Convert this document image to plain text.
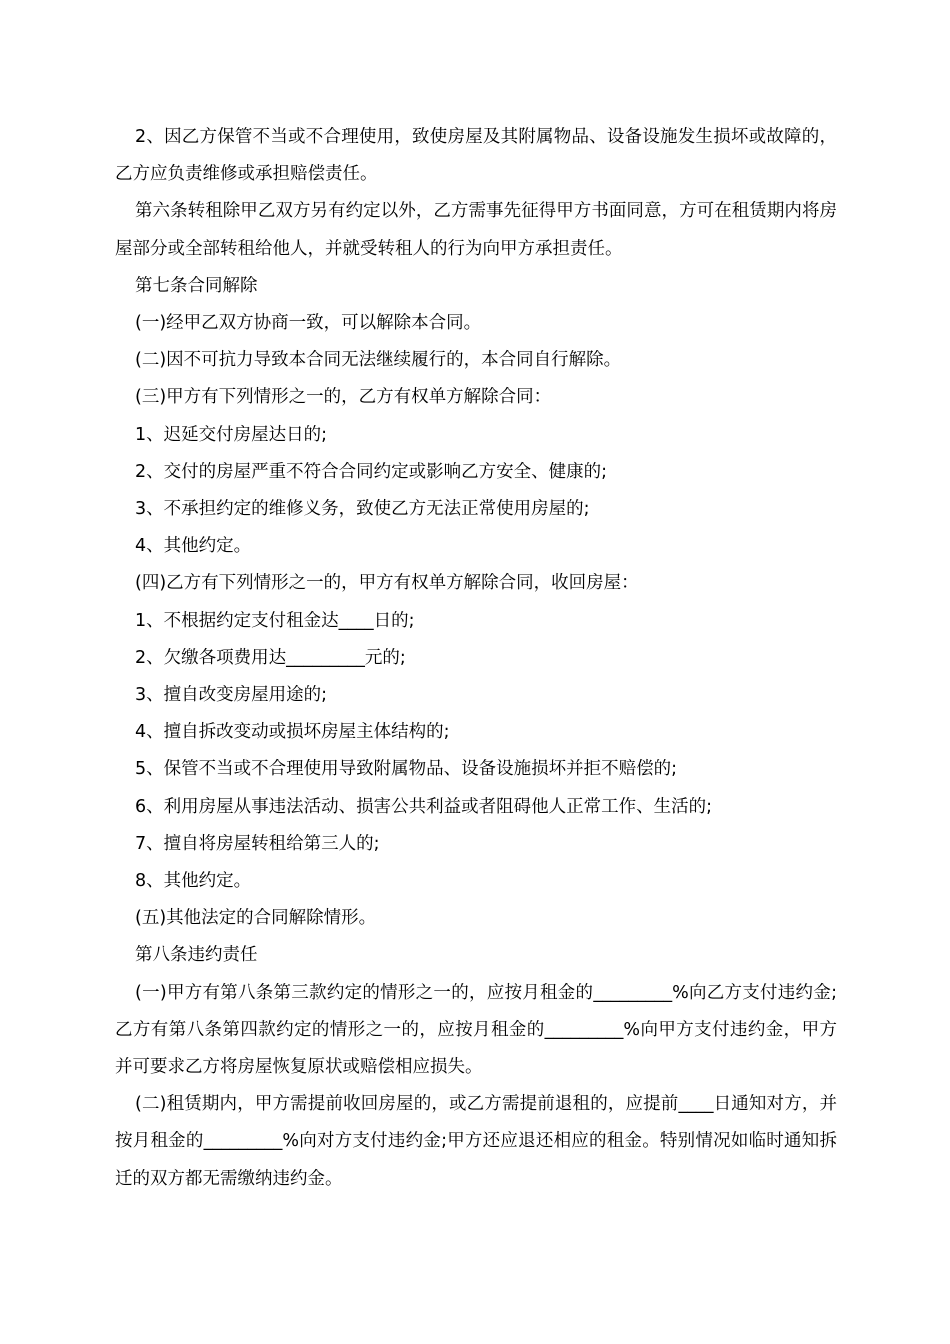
2、因乙方保管不当或不合理使用，致使房屋及其附属物品、设备设施发生损坏或故障的，乙方应负责维修或承担赔偿责任。

第六条转租除甲乙双方另有约定以外，乙方需事先征得甲方书面同意，方可在租赁期内将房屋部分或全部转租给他人，并就受转租人的行为向甲方承担责任。

第七条合同解除

(一)经甲乙双方协商一致，可以解除本合同。

(二)因不可抗力导致本合同无法继续履行的，本合同自行解除。

(三)甲方有下列情形之一的，乙方有权单方解除合同：

1、迟延交付房屋达日的;

2、交付的房屋严重不符合合同约定或影响乙方安全、健康的;

3、不承担约定的维修义务，致使乙方无法正常使用房屋的;

4、其他约定。

(四)乙方有下列情形之一的，甲方有权单方解除合同，收回房屋：

1、不根据约定支付租金达____日的;

2、欠缴各项费用达_________元的;

3、擅自改变房屋用途的;

4、擅自拆改变动或损坏房屋主体结构的;

5、保管不当或不合理使用导致附属物品、设备设施损坏并拒不赔偿的;

6、利用房屋从事违法活动、损害公共利益或者阻碍他人正常工作、生活的;

7、擅自将房屋转租给第三人的;

8、其他约定。

(五)其他法定的合同解除情形。

第八条违约责任

(一)甲方有第八条第三款约定的情形之一的，应按月租金的_________%向乙方支付违约金;乙方有第八条第四款约定的情形之一的，应按月租金的_________%向甲方支付违约金，甲方并可要求乙方将房屋恢复原状或赔偿相应损失。

(二)租赁期内，甲方需提前收回房屋的，或乙方需提前退租的，应提前____日通知对方，并按月租金的_________%向对方支付违约金;甲方还应退还相应的租金。特别情况如临时通知拆迁的双方都无需缴纳违约金。
